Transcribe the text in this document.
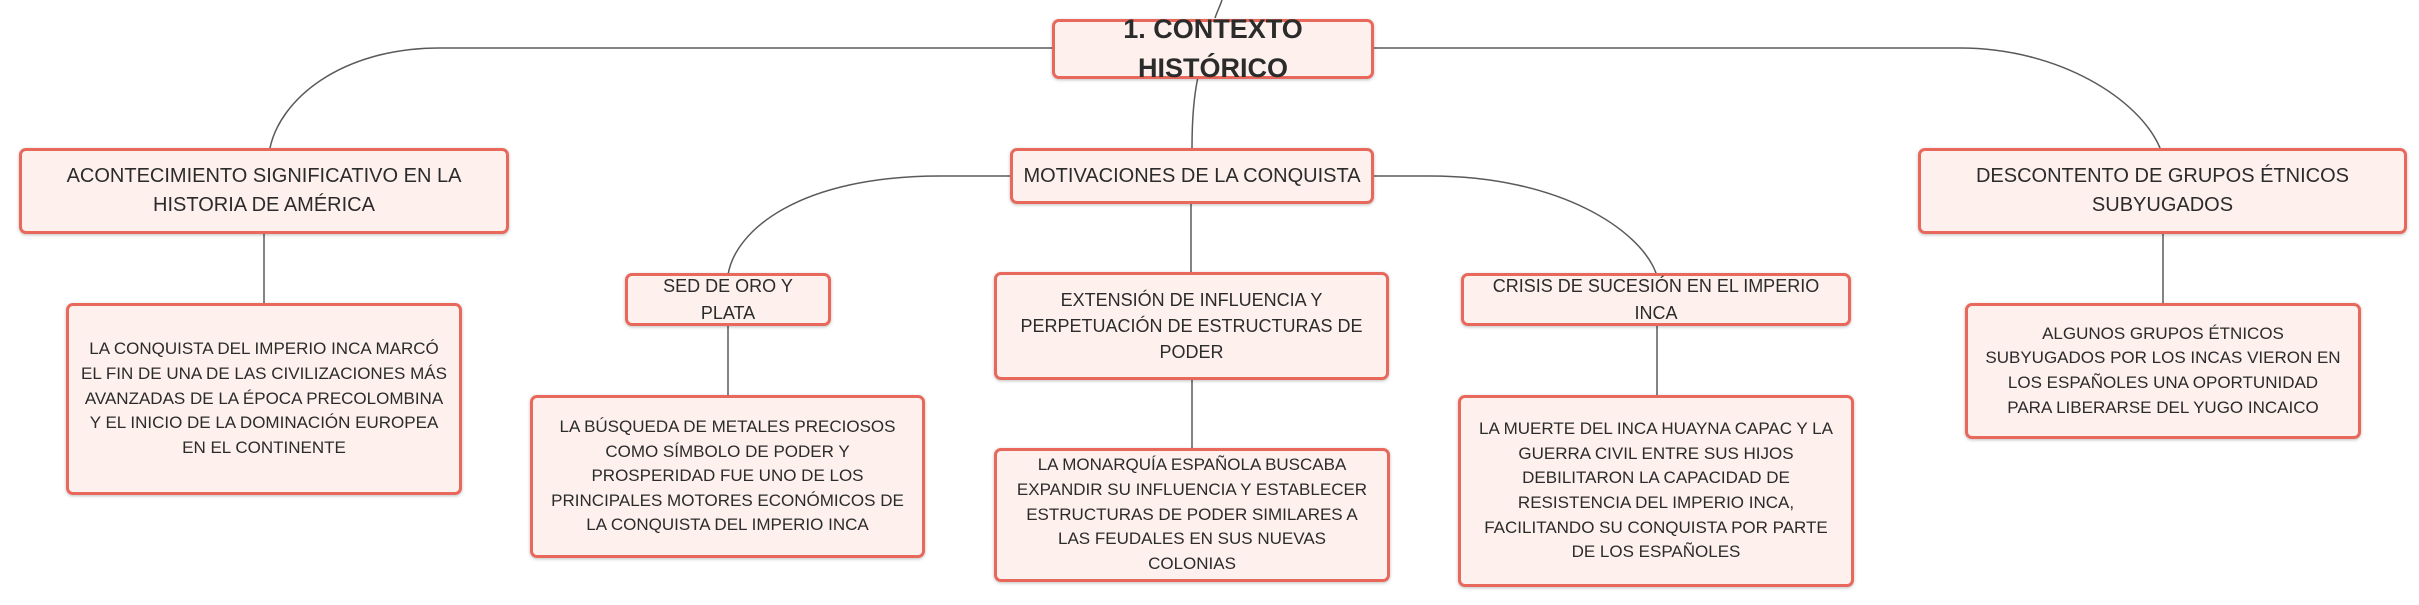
1. CONTEXTO HISTÓRICO
ACONTECIMIENTO SIGNIFICATIVO EN LA HISTORIA DE AMÉRICA
MOTIVACIONES DE LA CONQUISTA	DESCONTENTO DE GRUPOS ÉTNICOS SUBYUGADOS
SED DE ORO Y PLATA
EXTENSIÓN DE INFLUENCIA Y PERPETUACIÓN DE ESTRUCTURAS DE PODER
CRISIS DE SUCESIÓN EN EL IMPERIO INCA
LA CONQUISTA DEL IMPERIO INCA MARCÓ EL FIN DE UNA DE LAS CIVILIZACIONES MÁS AVANZADAS DE LA ÉPOCA PRECOLOMBINA Y EL INICIO DE LA DOMINACIÓN EUROPEA EN EL CONTINENTE
LA BÚSQUEDA DE METALES PRECIOSOS COMO SÍMBOLO DE PODER Y PROSPERIDAD FUE UNO DE LOS PRINCIPALES MOTORES ECONÓMICOS DE LA CONQUISTA DEL IMPERIO INCA
LA MONARQUÍA ESPAÑOLA BUSCABA EXPANDIR SU INFLUENCIA Y ESTABLECER ESTRUCTURAS DE PODER SIMILARES A LAS FEUDALES EN SUS NUEVAS COLONIAS
LA MUERTE DEL INCA HUAYNA CAPAC Y LA GUERRA CIVIL ENTRE SUS HIJOS DEBILITARON LA CAPACIDAD DE RESISTENCIA DEL IMPERIO INCA, FACILITANDO SU CONQUISTA POR PARTE DE LOS ESPAÑOLES
ALGUNOS GRUPOS ÉTNICOS SUBYUGADOS POR LOS INCAS VIERON EN LOS ESPAÑOLES UNA OPORTUNIDAD PARA LIBERARSE DEL YUGO INCAICO
